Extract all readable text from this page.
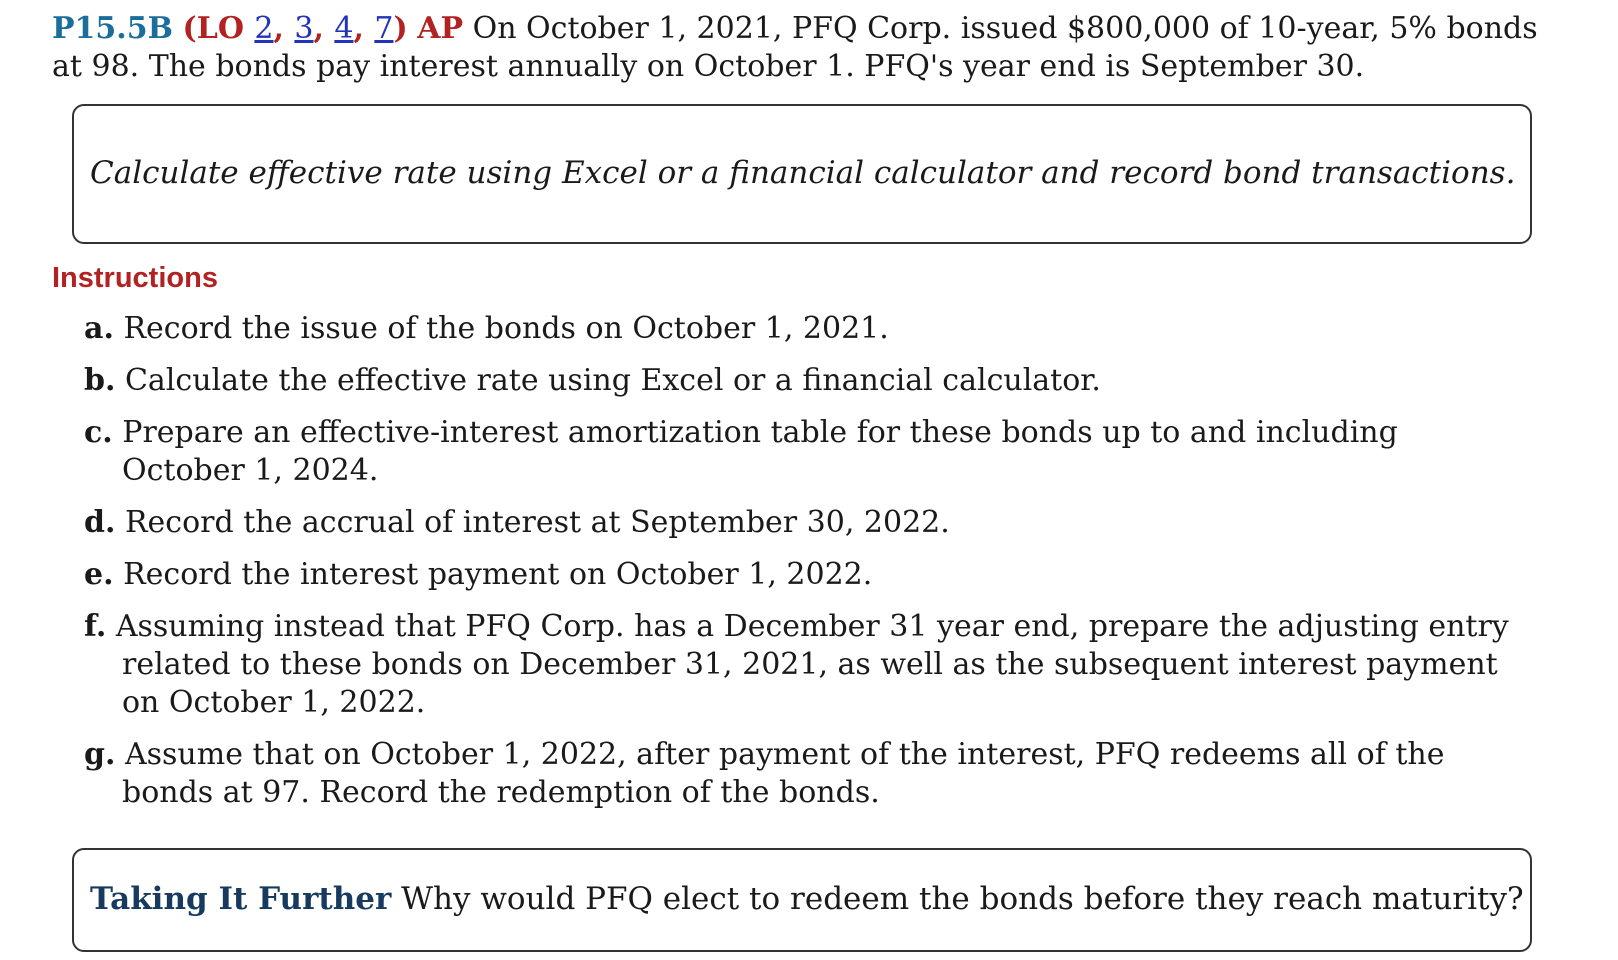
P15.5B (LO 2, 3, 4, 7) AP On October 1, 2021, PFQ Corp. issued $800,000 of 10-year, 5% bonds at 98. The bonds pay interest annually on October 1. PFQ's year end is September 30.
Calculate effective rate using Excel or a financial calculator and record bond transactions.
Instructions
a. Record the issue of the bonds on October 1, 2021.
b. Calculate the effective rate using Excel or a financial calculator.
c. Prepare an effective-interest amortization table for these bonds up to and including October 1, 2024.
d. Record the accrual of interest at September 30, 2022.
e. Record the interest payment on October 1, 2022.
f. Assuming instead that PFQ Corp. has a December 31 year end, prepare the adjusting entry related to these bonds on December 31, 2021, as well as the subsequent interest payment on October 1, 2022.
g. Assume that on October 1, 2022, after payment of the interest, PFQ redeems all of the bonds at 97. Record the redemption of the bonds.
Taking It Further Why would PFQ elect to redeem the bonds before they reach maturity?
